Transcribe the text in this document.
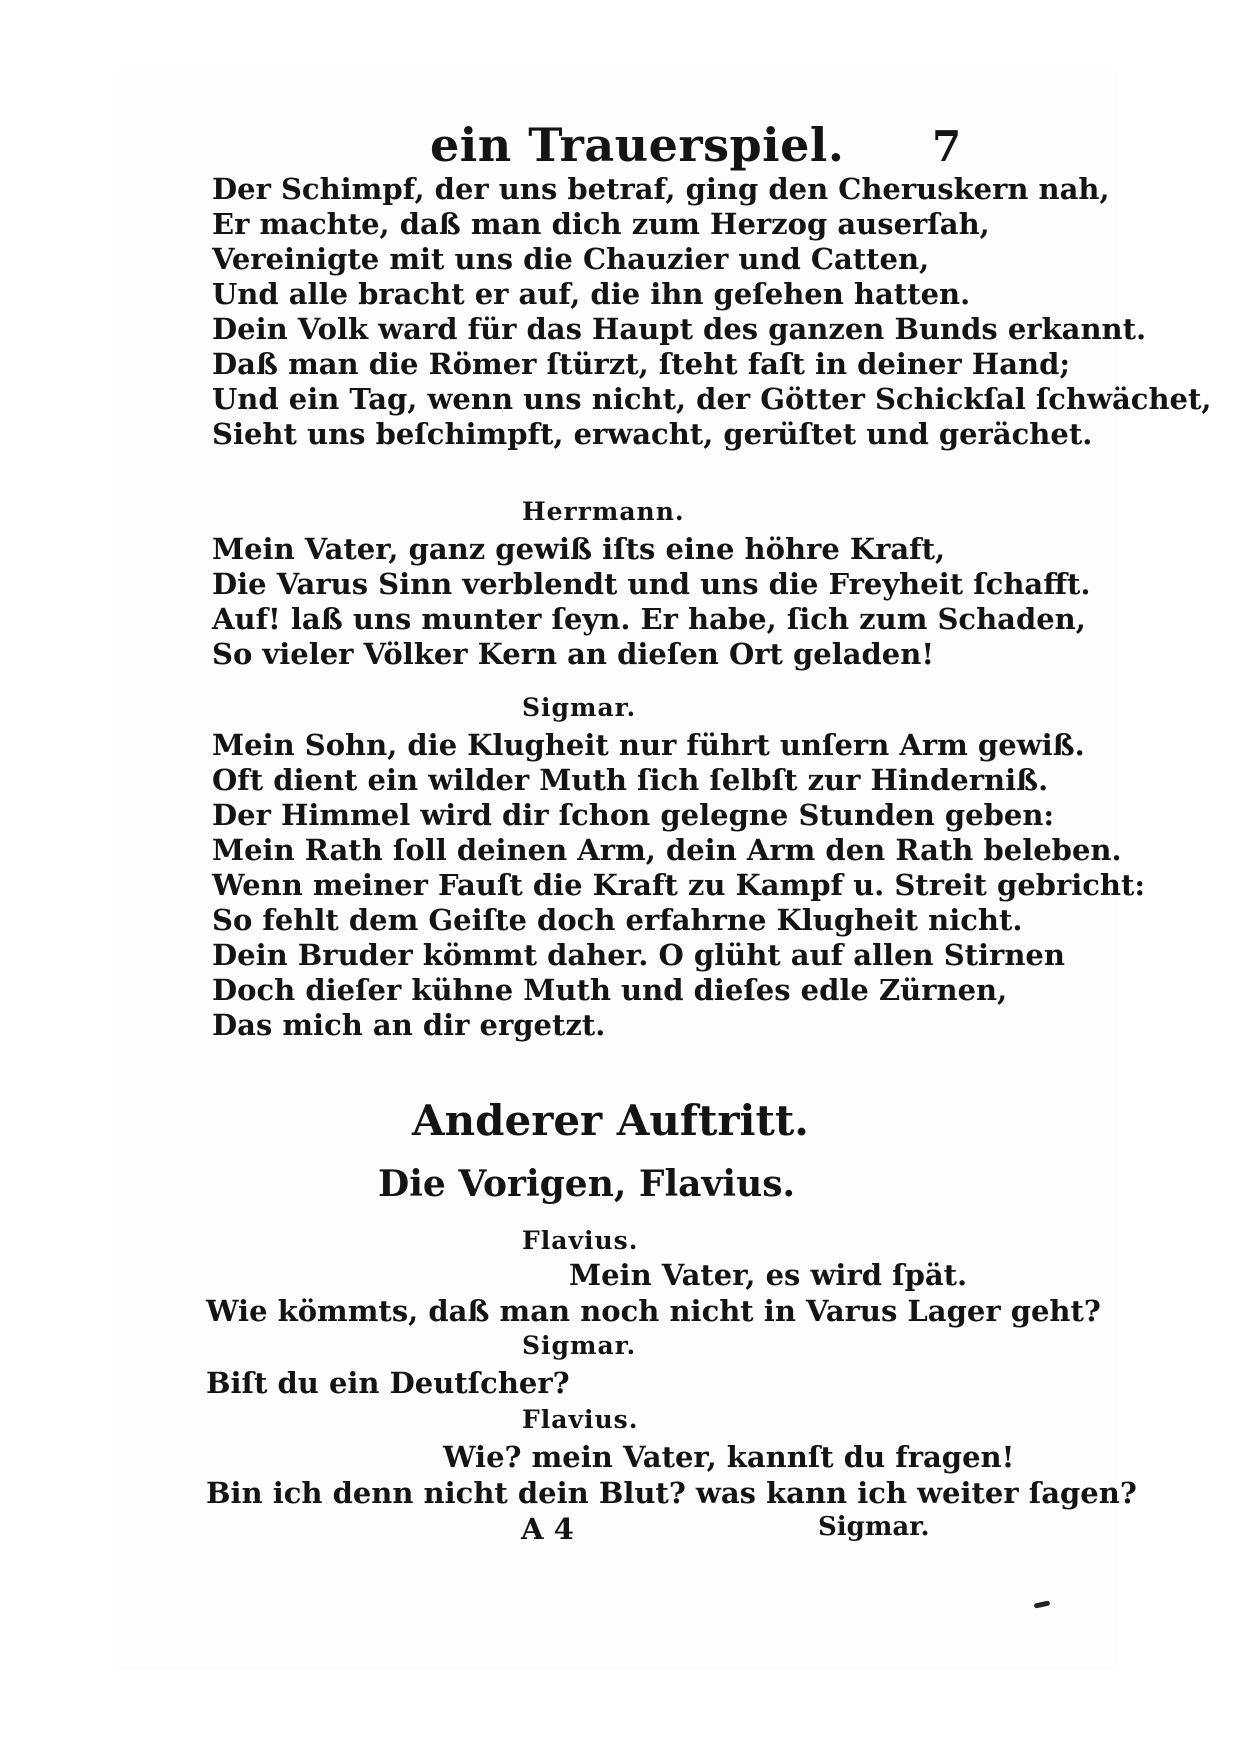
ein Trauerspiel. 7
Der Schimpf, der uns betraf, ging den Cheruskern nah,
Er machte, daß man dich zum Herzog auserſah,
Vereinigte mit uns die Chauzier und Catten,
Und alle bracht er auf, die ihn geſehen hatten.
Dein Volk ward für das Haupt des ganzen Bunds erkannt.
Daß man die Römer ſtürzt, ſteht faſt in deiner Hand;
Und ein Tag, wenn uns nicht, der Götter Schickſal ſchwächet,
Sieht uns beſchimpft, erwacht, gerüſtet und gerächet.
Herrmann.
Mein Vater, ganz gewiß iſts eine höhre Kraft,
Die Varus Sinn verblendt und uns die Freyheit ſchafft.
Auf! laß uns munter ſeyn. Er habe, ſich zum Schaden,
So vieler Völker Kern an dieſen Ort geladen!
Sigmar.
Mein Sohn, die Klugheit nur führt unſern Arm gewiß.
Oft dient ein wilder Muth ſich ſelbſt zur Hinderniß.
Der Himmel wird dir ſchon gelegne Stunden geben:
Mein Rath ſoll deinen Arm, dein Arm den Rath beleben.
Wenn meiner Fauſt die Kraft zu Kampf u. Streit gebricht:
So fehlt dem Geiſte doch erfahrne Klugheit nicht.
Dein Bruder kömmt daher. O glüht auf allen Stirnen
Doch dieſer kühne Muth und dieſes edle Zürnen,
Das mich an dir ergetzt.
Anderer Auftritt.
Die Vorigen, Flavius.
Flavius.
Mein Vater, es wird ſpät.
Wie kömmts, daß man noch nicht in Varus Lager geht?
Sigmar.
Biſt du ein Deutſcher?
Flavius.
Wie? mein Vater, kannſt du fragen!
Bin ich denn nicht dein Blut? was kann ich weiter ſagen?
A 4	Sigmar.
